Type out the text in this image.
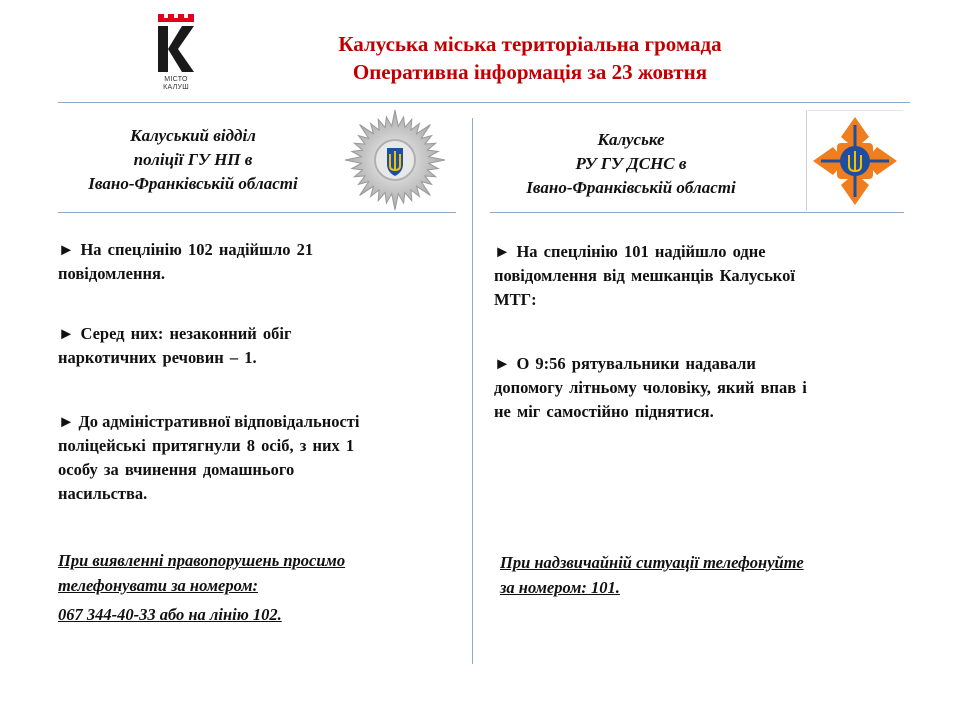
МІСТО
КАЛУШ
Калуська міська територіальна громада
Оперативна інформація за 23 жовтня
Калуський відділ
поліції ГУ НП в
Івано-Франківській області
Калуське
РУ ГУ ДСНС в
Івано-Франківській області
► На спецлінію 102 надійшло 21
повідомлення.
► Серед них: незаконний обіг
наркотичних речовин – 1.
► До адміністративної відповідальності
поліцейські притягнули 8 осіб, з них 1
особу за вчинення домашнього
насильства.
При виявленні правопорушень просимо
телефонувати за номером:
067 344-40-33 або на лінію 102.
► На спецлінію 101 надійшло одне
повідомлення від мешканців Калуської
МТГ:
► О 9:56 рятувальники надавали
допомогу літньому чоловіку, який впав і
не міг самостійно піднятися.
При надзвичайній ситуації телефонуйте
за номером: 101.
